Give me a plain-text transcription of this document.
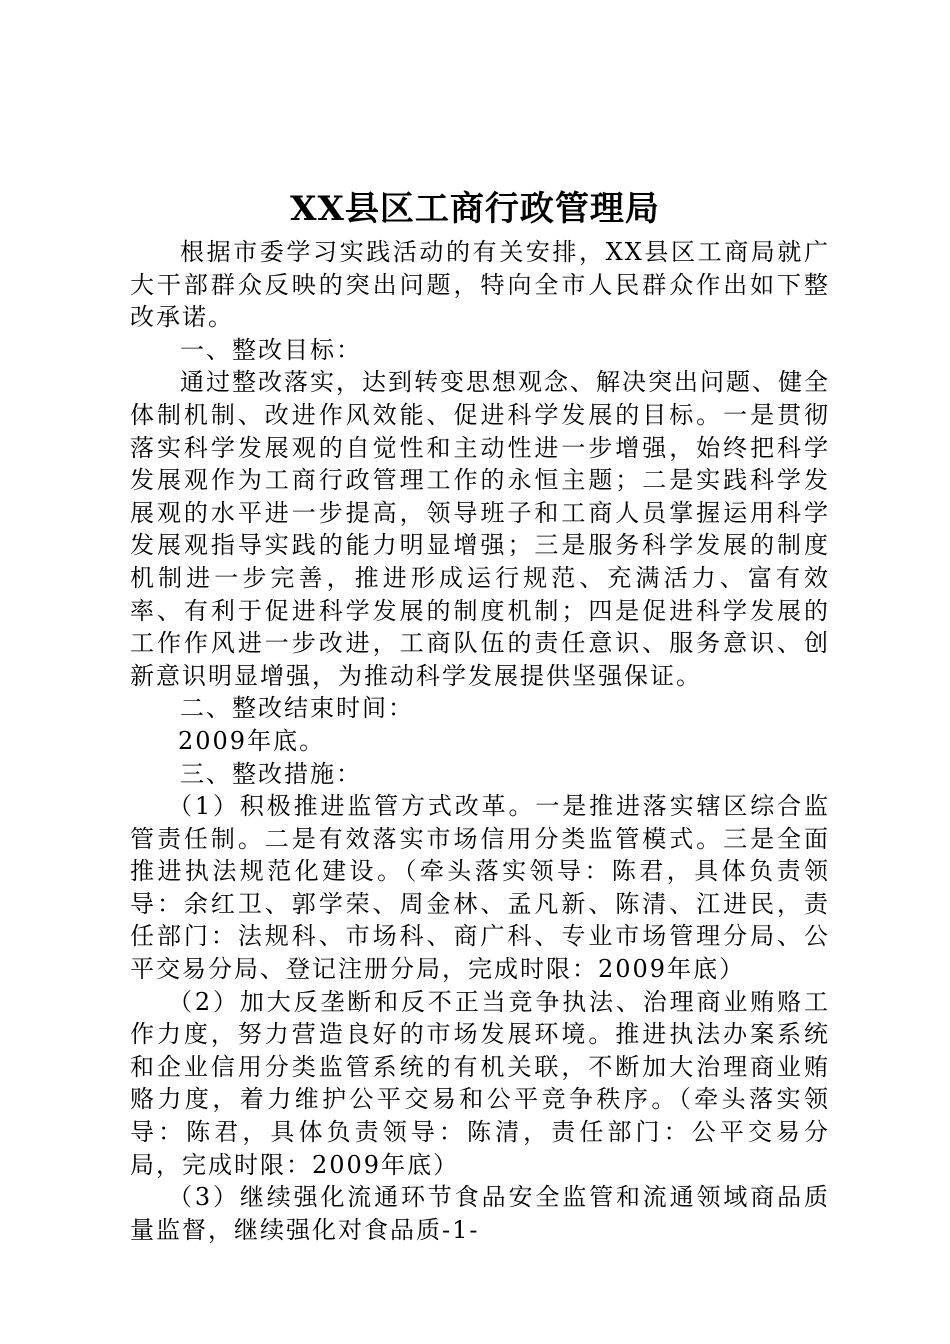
XX县区工商行政管理局

根据市委学习实践活动的有关安排，XX县区工商局就广大干部群众反映的突出问题，特向全市人民群众作出如下整改承诺。

一、整改目标：

通过整改落实，达到转变思想观念、解决突出问题、健全体制机制、改进作风效能、促进科学发展的目标。一是贯彻落实科学发展观的自觉性和主动性进一步增强，始终把科学发展观作为工商行政管理工作的永恒主题；二是实践科学发展观的水平进一步提高，领导班子和工商人员掌握运用科学发展观指导实践的能力明显增强；三是服务科学发展的制度机制进一步完善，推进形成运行规范、充满活力、富有效率、有利于促进科学发展的制度机制；四是促进科学发展的工作作风进一步改进，工商队伍的责任意识、服务意识、创新意识明显增强，为推动科学发展提供坚强保证。

二、整改结束时间：

2009年底。

三、整改措施：

（1）积极推进监管方式改革。一是推进落实辖区综合监管责任制。二是有效落实市场信用分类监管模式。三是全面推进执法规范化建设。（牵头落实领导：陈君，具体负责领导：余红卫、郭学荣、周金林、孟凡新、陈清、江进民，责任部门：法规科、市场科、商广科、专业市场管理分局、公平交易分局、登记注册分局，完成时限：2009年底）

（2）加大反垄断和反不正当竞争执法、治理商业贿赂工作力度，努力营造良好的市场发展环境。推进执法办案系统和企业信用分类监管系统的有机关联，不断加大治理商业贿赂力度，着力维护公平交易和公平竞争秩序。（牵头落实领导：陈君，具体负责领导：陈清，责任部门：公平交易分局，完成时限：2009年底）

（3）继续强化流通环节食品安全监管和流通领域商品质量监督，继续强化对食品质-1-
